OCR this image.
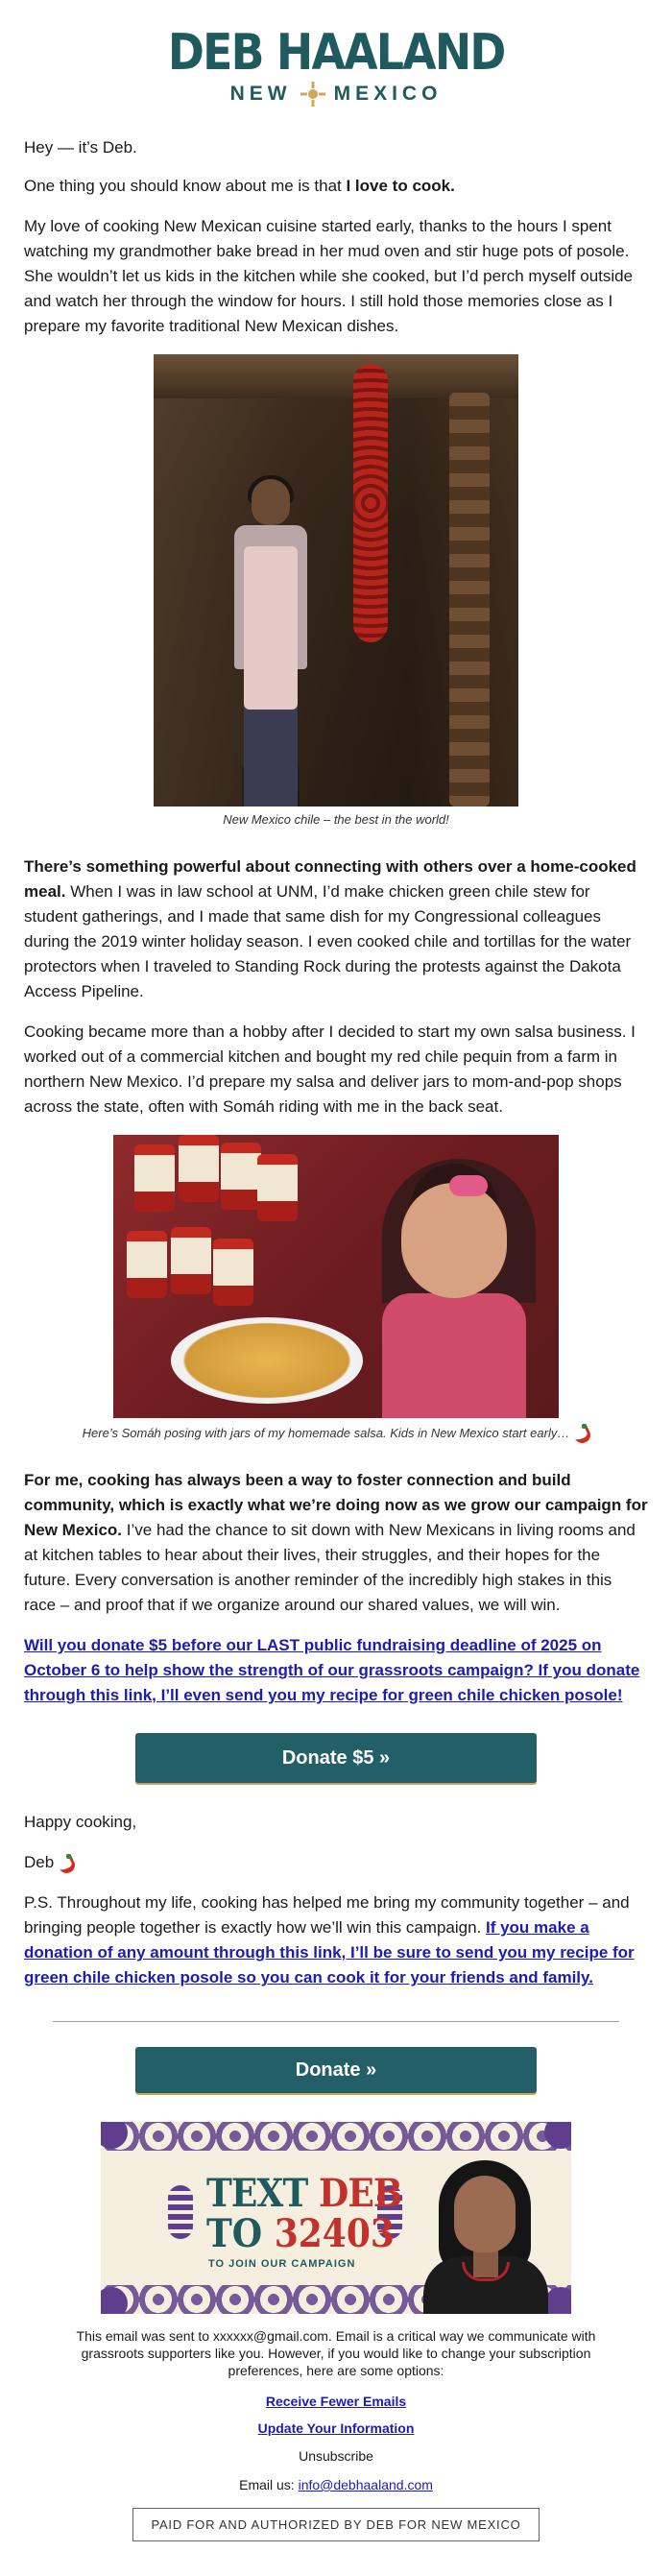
DEB HAALAND
NEW MEXICO

Hey — it’s Deb.

One thing you should know about me is that I love to cook.

My love of cooking New Mexican cuisine started early, thanks to the hours I spent watching my grandmother bake bread in her mud oven and stir huge pots of posole. She wouldn’t let us kids in the kitchen while she cooked, but I’d perch myself outside and watch her through the window for hours. I still hold those memories close as I prepare my favorite traditional New Mexican dishes.

New Mexico chile – the best in the world!

There’s something powerful about connecting with others over a home-cooked meal. When I was in law school at UNM, I’d make chicken green chile stew for student gatherings, and I made that same dish for my Congressional colleagues during the 2019 winter holiday season. I even cooked chile and tortillas for the water protectors when I traveled to Standing Rock during the protests against the Dakota Access Pipeline.

Cooking became more than a hobby after I decided to start my own salsa business. I worked out of a commercial kitchen and bought my red chile pequin from a farm in northern New Mexico. I’d prepare my salsa and deliver jars to mom-and-pop shops across the state, often with Somáh riding with me in the back seat.

Here’s Somáh posing with jars of my homemade salsa. Kids in New Mexico start early…

For me, cooking has always been a way to foster connection and build community, which is exactly what we’re doing now as we grow our campaign for New Mexico. I’ve had the chance to sit down with New Mexicans in living rooms and at kitchen tables to hear about their lives, their struggles, and their hopes for the future. Every conversation is another reminder of the incredibly high stakes in this race – and proof that if we organize around our shared values, we will win.

Will you donate $5 before our LAST public fundraising deadline of 2025 on October 6 to help show the strength of our grassroots campaign? If you donate through this link, I’ll even send you my recipe for green chile chicken posole!

Donate $5 »

Happy cooking,

Deb

P.S. Throughout my life, cooking has helped me bring my community together – and bringing people together is exactly how we’ll win this campaign. If you make a donation of any amount through this link, I’ll be sure to send you my recipe for green chile chicken posole so you can cook it for your friends and family.

Donate »
TEXT DEB
TO 32403
TO JOIN OUR CAMPAIGN

This email was sent to xxxxxx@gmail.com. Email is a critical way we communicate with grassroots supporters like you. However, if you would like to change your subscription preferences, here are some options:

Receive Fewer Emails
Update Your Information

Unsubscribe

Email us: info@debhaaland.com

PAID FOR AND AUTHORIZED BY DEB FOR NEW MEXICO
